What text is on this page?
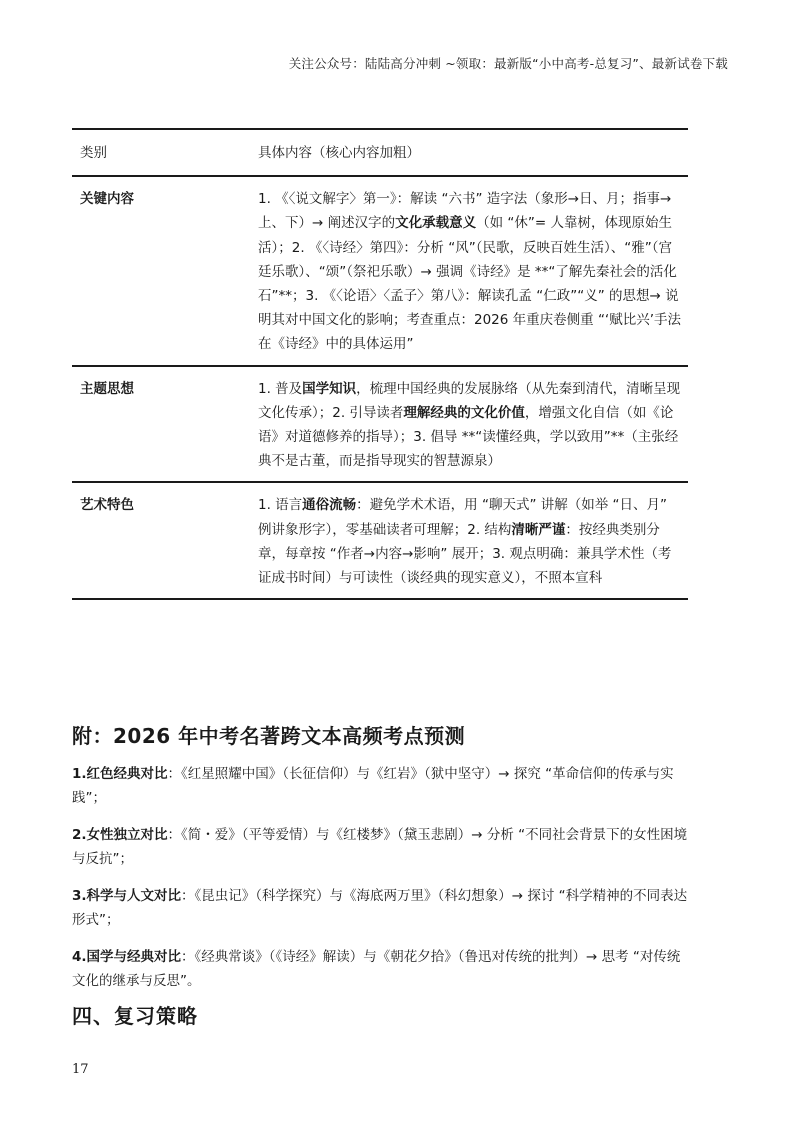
关注公众号：陆陆高分冲刺 ~领取：最新版“小中高考-总复习”、最新试卷下载
类别	具体内容（核心内容加粗）
关键内容	1. 《〈说文解字〉第一》：解读 “六书” 造字法（象形→日、月；指事→上、下）→ 阐述汉字的文化承载意义（如 “休”= 人靠树，体现原始生活）；2. 《〈诗经〉第四》：分析 “风”（民歌，反映百姓生活）、“雅”（宫廷乐歌）、“颂”（祭祀乐歌）→ 强调《诗经》是 **“了解先秦社会的活化石”**；3. 《〈论语〉〈孟子〉第八》：解读孔孟 “仁政”“义” 的思想→ 说明其对中国文化的影响；考查重点：2026 年重庆卷侧重 “‘赋比兴’手法在《诗经》中的具体运用”
主题思想	1. 普及国学知识，梳理中国经典的发展脉络（从先秦到清代，清晰呈现文化传承）；2. 引导读者理解经典的文化价值，增强文化自信（如《论语》对道德修养的指导）；3. 倡导 **“读懂经典，学以致用”**（主张经典不是古董，而是指导现实的智慧源泉）
艺术特色	1. 语言通俗流畅：避免学术术语，用 “聊天式” 讲解（如举 “日、月” 例讲象形字），零基础读者可理解；2. 结构清晰严谨：按经典类别分章，每章按 “作者→内容→影响” 展开；3. 观点明确：兼具学术性（考证成书时间）与可读性（谈经典的现实意义），不照本宣科
附：2026 年中考名著跨文本高频考点预测

1.红色经典对比：《红星照耀中国》（长征信仰）与《红岩》（狱中坚守）→ 探究 “革命信仰的传承与实践”；

2.女性独立对比：《简・爱》（平等爱情）与《红楼梦》（黛玉悲剧）→ 分析 “不同社会背景下的女性困境与反抗”；

3.科学与人文对比：《昆虫记》（科学探究）与《海底两万里》（科幻想象）→ 探讨 “科学精神的不同表达形式”；

4.国学与经典对比：《经典常谈》（《诗经》解读）与《朝花夕拾》（鲁迅对传统的批判）→ 思考 “对传统文化的继承与反思”。

四、复习策略
17
